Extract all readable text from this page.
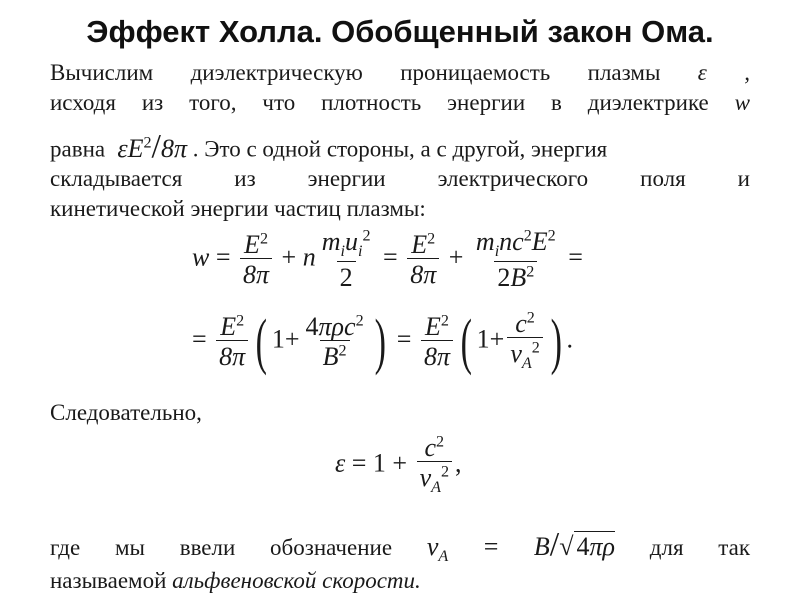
Эффект Холла. Обобщенный закон Ома.
Вычислим диэлектрическую проницаемость плазмы ε ,
исходя из того, что плотность энергии в диэлектрике w
равна  $\varepsilon E^2/8\pi$ . Это с одной стороны, а с другой, энергия
складывается из энергии электрического поля и
кинетической энергии частиц плазмы:
$w = \frac{E^2}{8\pi} + n$
$m_iu_i^2$
2
= $\frac{E^2}{8\pi}$ +
$m_inc^2E^2$
$2B^2$
=
= $\frac{E^2}{8\pi}$ ( 1+ 4πρc$^2$
$B^2$ ) = $\frac{E^2}{8\pi}$ ( $1+ \frac{c^2}{\nu_A^2}$ ) .
Следовательно,
$\varepsilon = 1 + \frac{c^2}{\nu_A^2}$ ,
где мы ввели обозначение $\nu_A = B/√$ 4πρ для так
называемой альфвеновской скорости.
